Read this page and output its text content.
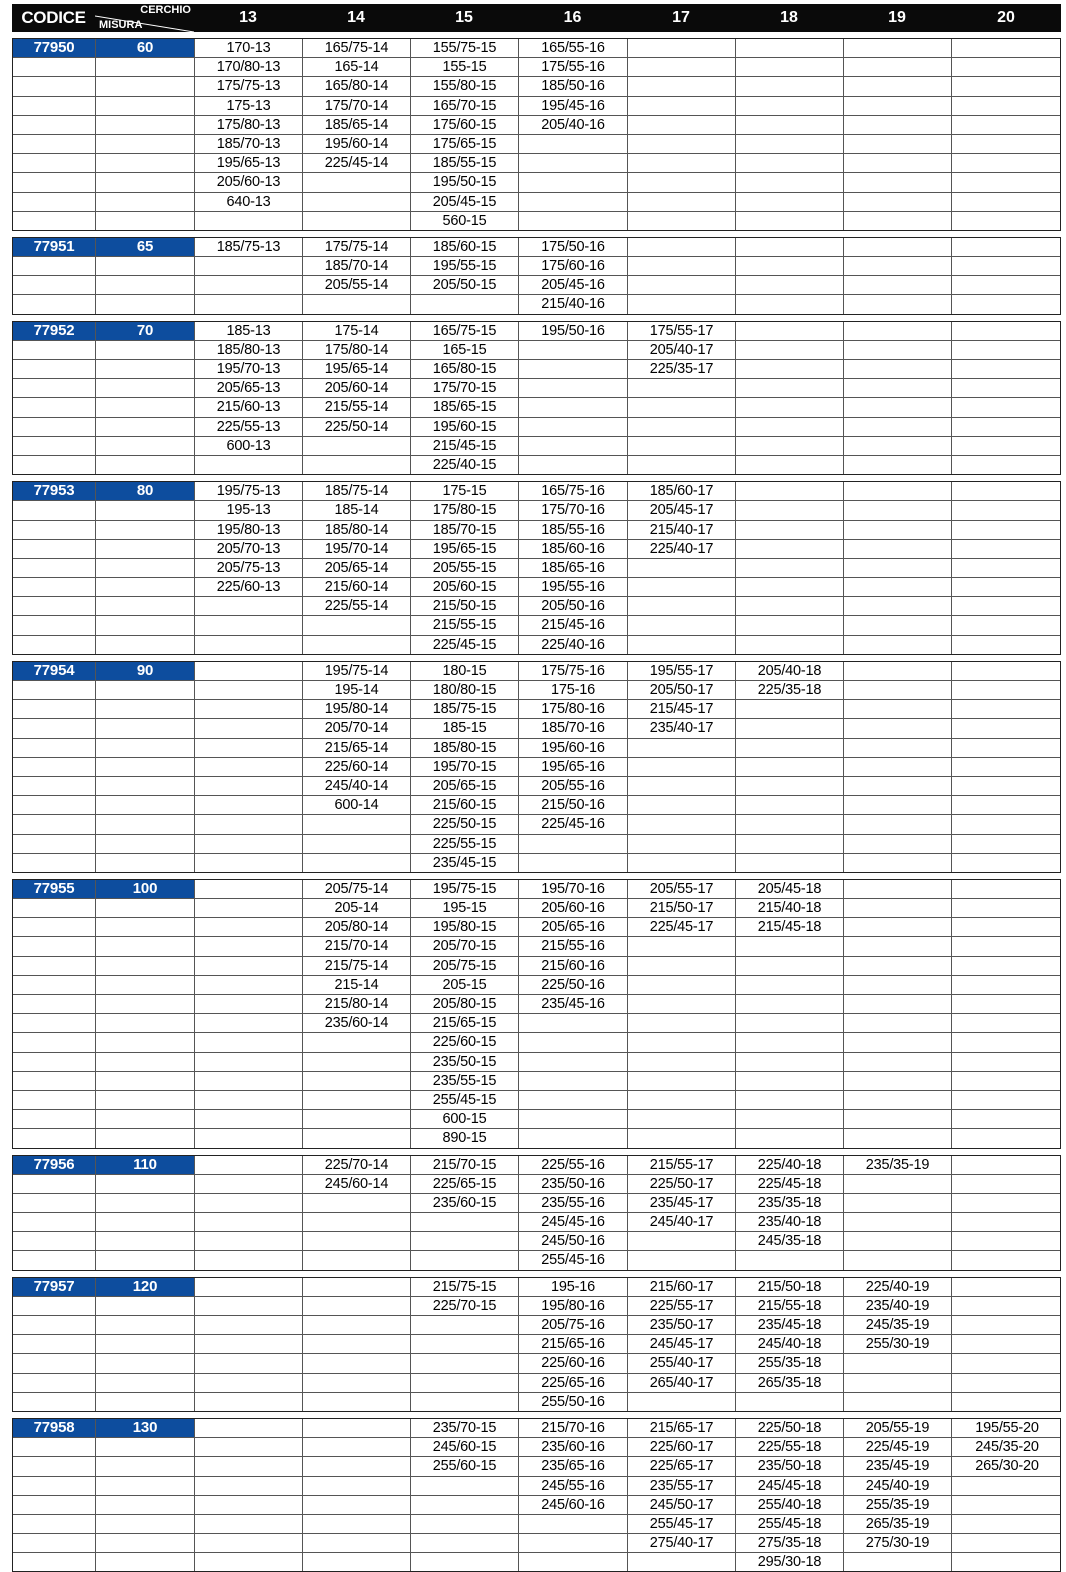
CODICE	CERCHIO
MISURA	13	14	15	16	17	18	19	20
77950	60	170-13	165/75-14	155/75-15	165/55-16
170/80-13	165-14	155-15	175/55-16
175/75-13	165/80-14	155/80-15	185/50-16
175-13	175/70-14	165/70-15	195/45-16
175/80-13	185/65-14	175/60-15	205/40-16
185/70-13	195/60-14	175/65-15
195/65-13	225/45-14	185/55-15
205/60-13	195/50-15
640-13	205/45-15
560-15
77951	65	185/75-13	175/75-14	185/60-15	175/50-16
185/70-14	195/55-15	175/60-16
205/55-14	205/50-15	205/45-16
215/40-16
77952	70	185-13	175-14	165/75-15	195/50-16	175/55-17
185/80-13	175/80-14	165-15	205/40-17
195/70-13	195/65-14	165/80-15	225/35-17
205/65-13	205/60-14	175/70-15
215/60-13	215/55-14	185/65-15
225/55-13	225/50-14	195/60-15
600-13	215/45-15
225/40-15
77953	80	195/75-13	185/75-14	175-15	165/75-16	185/60-17
195-13	185-14	175/80-15	175/70-16	205/45-17
195/80-13	185/80-14	185/70-15	185/55-16	215/40-17
205/70-13	195/70-14	195/65-15	185/60-16	225/40-17
205/75-13	205/65-14	205/55-15	185/65-16
225/60-13	215/60-14	205/60-15	195/55-16
225/55-14	215/50-15	205/50-16
215/55-15	215/45-16
225/45-15	225/40-16
77954	90	195/75-14	180-15	175/75-16	195/55-17	205/40-18
195-14	180/80-15	175-16	205/50-17	225/35-18
195/80-14	185/75-15	175/80-16	215/45-17
205/70-14	185-15	185/70-16	235/40-17
215/65-14	185/80-15	195/60-16
225/60-14	195/70-15	195/65-16
245/40-14	205/65-15	205/55-16
600-14	215/60-15	215/50-16
225/50-15	225/45-16
225/55-15
235/45-15
77955	100	205/75-14	195/75-15	195/70-16	205/55-17	205/45-18
205-14	195-15	205/60-16	215/50-17	215/40-18
205/80-14	195/80-15	205/65-16	225/45-17	215/45-18
215/70-14	205/70-15	215/55-16
215/75-14	205/75-15	215/60-16
215-14	205-15	225/50-16
215/80-14	205/80-15	235/45-16
235/60-14	215/65-15
225/60-15
235/50-15
235/55-15
255/45-15
600-15
890-15
77956	110	225/70-14	215/70-15	225/55-16	215/55-17	225/40-18	235/35-19
245/60-14	225/65-15	235/50-16	225/50-17	225/45-18
235/60-15	235/55-16	235/45-17	235/35-18
245/45-16	245/40-17	235/40-18
245/50-16	245/35-18
255/45-16
77957	120	215/75-15	195-16	215/60-17	215/50-18	225/40-19
225/70-15	195/80-16	225/55-17	215/55-18	235/40-19
205/75-16	235/50-17	235/45-18	245/35-19
215/65-16	245/45-17	245/40-18	255/30-19
225/60-16	255/40-17	255/35-18
225/65-16	265/40-17	265/35-18
255/50-16
77958	130	235/70-15	215/70-16	215/65-17	225/50-18	205/55-19	195/55-20
245/60-15	235/60-16	225/60-17	225/55-18	225/45-19	245/35-20
255/60-15	235/65-16	225/65-17	235/50-18	235/45-19	265/30-20
245/55-16	235/55-17	245/45-18	245/40-19
245/60-16	245/50-17	255/40-18	255/35-19
255/45-17	255/45-18	265/35-19
275/40-17	275/35-18	275/30-19
295/30-18
